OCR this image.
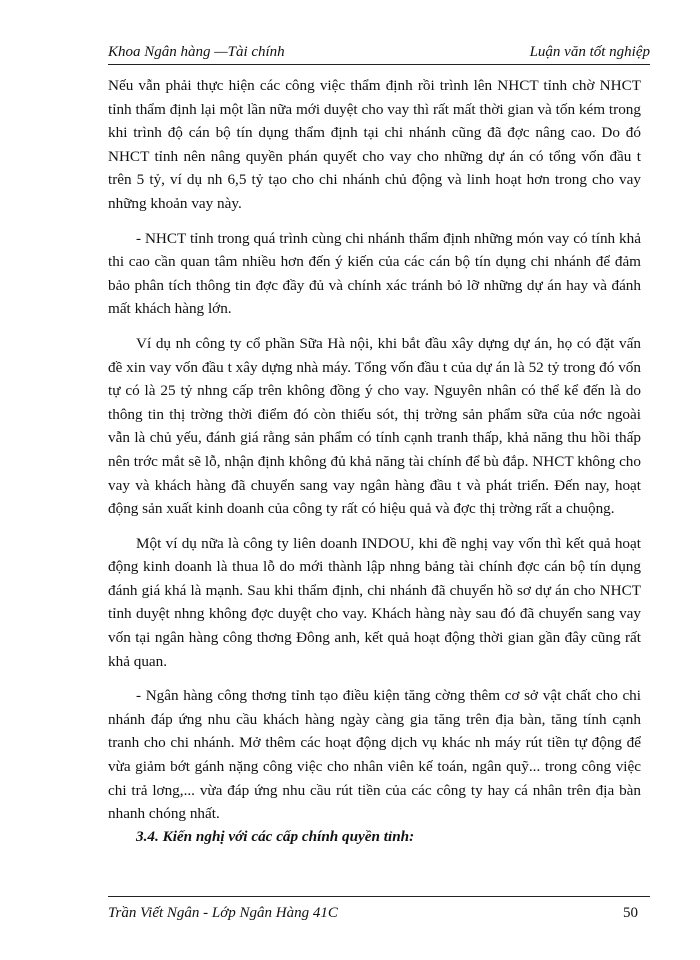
Khoa Ngân hàng —Tài chính	Luận văn tốt nghiệp

Nếu vẫn phải thực hiện các công việc thẩm định rồi trình lên NHCT tỉnh chờ NHCT tỉnh thẩm định lại một lần nữa mới duyệt cho vay thì rất mất thời gian và tốn kém trong khi trình độ cán bộ tín dụng thẩm định tại chi nhánh cũng đã đợc nâng cao. Do đó NHCT tỉnh nên nâng quyền phán quyết cho vay cho những dự án có tổng vốn đầu t trên 5 tỷ, ví dụ nh 6,5 tỷ tạo cho chi nhánh chủ động và linh hoạt hơn trong cho vay những khoản vay này.

- NHCT tỉnh trong quá trình cùng chi nhánh thẩm định những món vay có tính khả thi cao cần quan tâm nhiều hơn đến ý kiến của các cán bộ tín dụng chi nhánh để đảm bảo phân tích thông tin đợc đầy đủ và chính xác tránh bỏ lỡ những dự án hay và đánh mất khách hàng lớn.

Ví dụ nh công ty cổ phần Sữa Hà nội, khi bắt đầu xây dựng dự án, họ có đặt vấn đề xin vay vốn đầu t xây dựng nhà máy. Tổng vốn đầu t của dự án là 52 tỷ trong đó vốn tự có là 25 tỷ nhng cấp trên không đồng ý cho vay. Nguyên nhân có thể kể đến là do thông tin thị trờng thời điểm đó còn thiếu sót, thị trờng sản phẩm sữa của nớc ngoài vẫn là chủ yếu, đánh giá rằng sản phẩm có tính cạnh tranh thấp, khả năng thu hồi thấp nên trớc mắt sẽ lỗ, nhận định không đủ khả năng tài chính để bù đắp. NHCT không cho vay và khách hàng đã chuyển sang vay ngân hàng đầu t và phát triển. Đến nay, hoạt động sản xuất kinh doanh của công ty rất có hiệu quả và đợc thị trờng rất a chuộng.

Một ví dụ nữa là công ty liên doanh INDOU, khi đề nghị vay vốn thì kết quả hoạt động kinh doanh là thua lỗ do mới thành lập nhng bảng tài chính đợc cán bộ tín dụng đánh giá khá là mạnh. Sau khi thẩm định, chi nhánh đã chuyển hồ sơ dự án cho NHCT tỉnh duyệt nhng không đợc duyệt cho vay. Khách hàng này sau đó đã chuyển sang vay vốn tại ngân hàng công thơng Đông anh, kết quả hoạt động thời gian gần đây cũng rất khả quan.

- Ngân hàng công thơng tỉnh tạo điều kiện tăng cờng thêm cơ sở vật chất cho chi nhánh đáp ứng nhu cầu khách hàng ngày càng gia tăng trên địa bàn, tăng tính cạnh tranh cho chi nhánh. Mở thêm các hoạt động dịch vụ khác nh máy rút tiền tự động để vừa giảm bớt gánh nặng công việc cho nhân viên kế toán, ngân quỹ... trong công việc chi trả lơng,... vừa đáp ứng nhu cầu rút tiền của các công ty hay cá nhân trên địa bàn nhanh chóng nhất.

3.4. Kiến nghị với các cấp chính quyền tỉnh:
Trần Viết Ngân - Lớp Ngân Hàng 41C	50
